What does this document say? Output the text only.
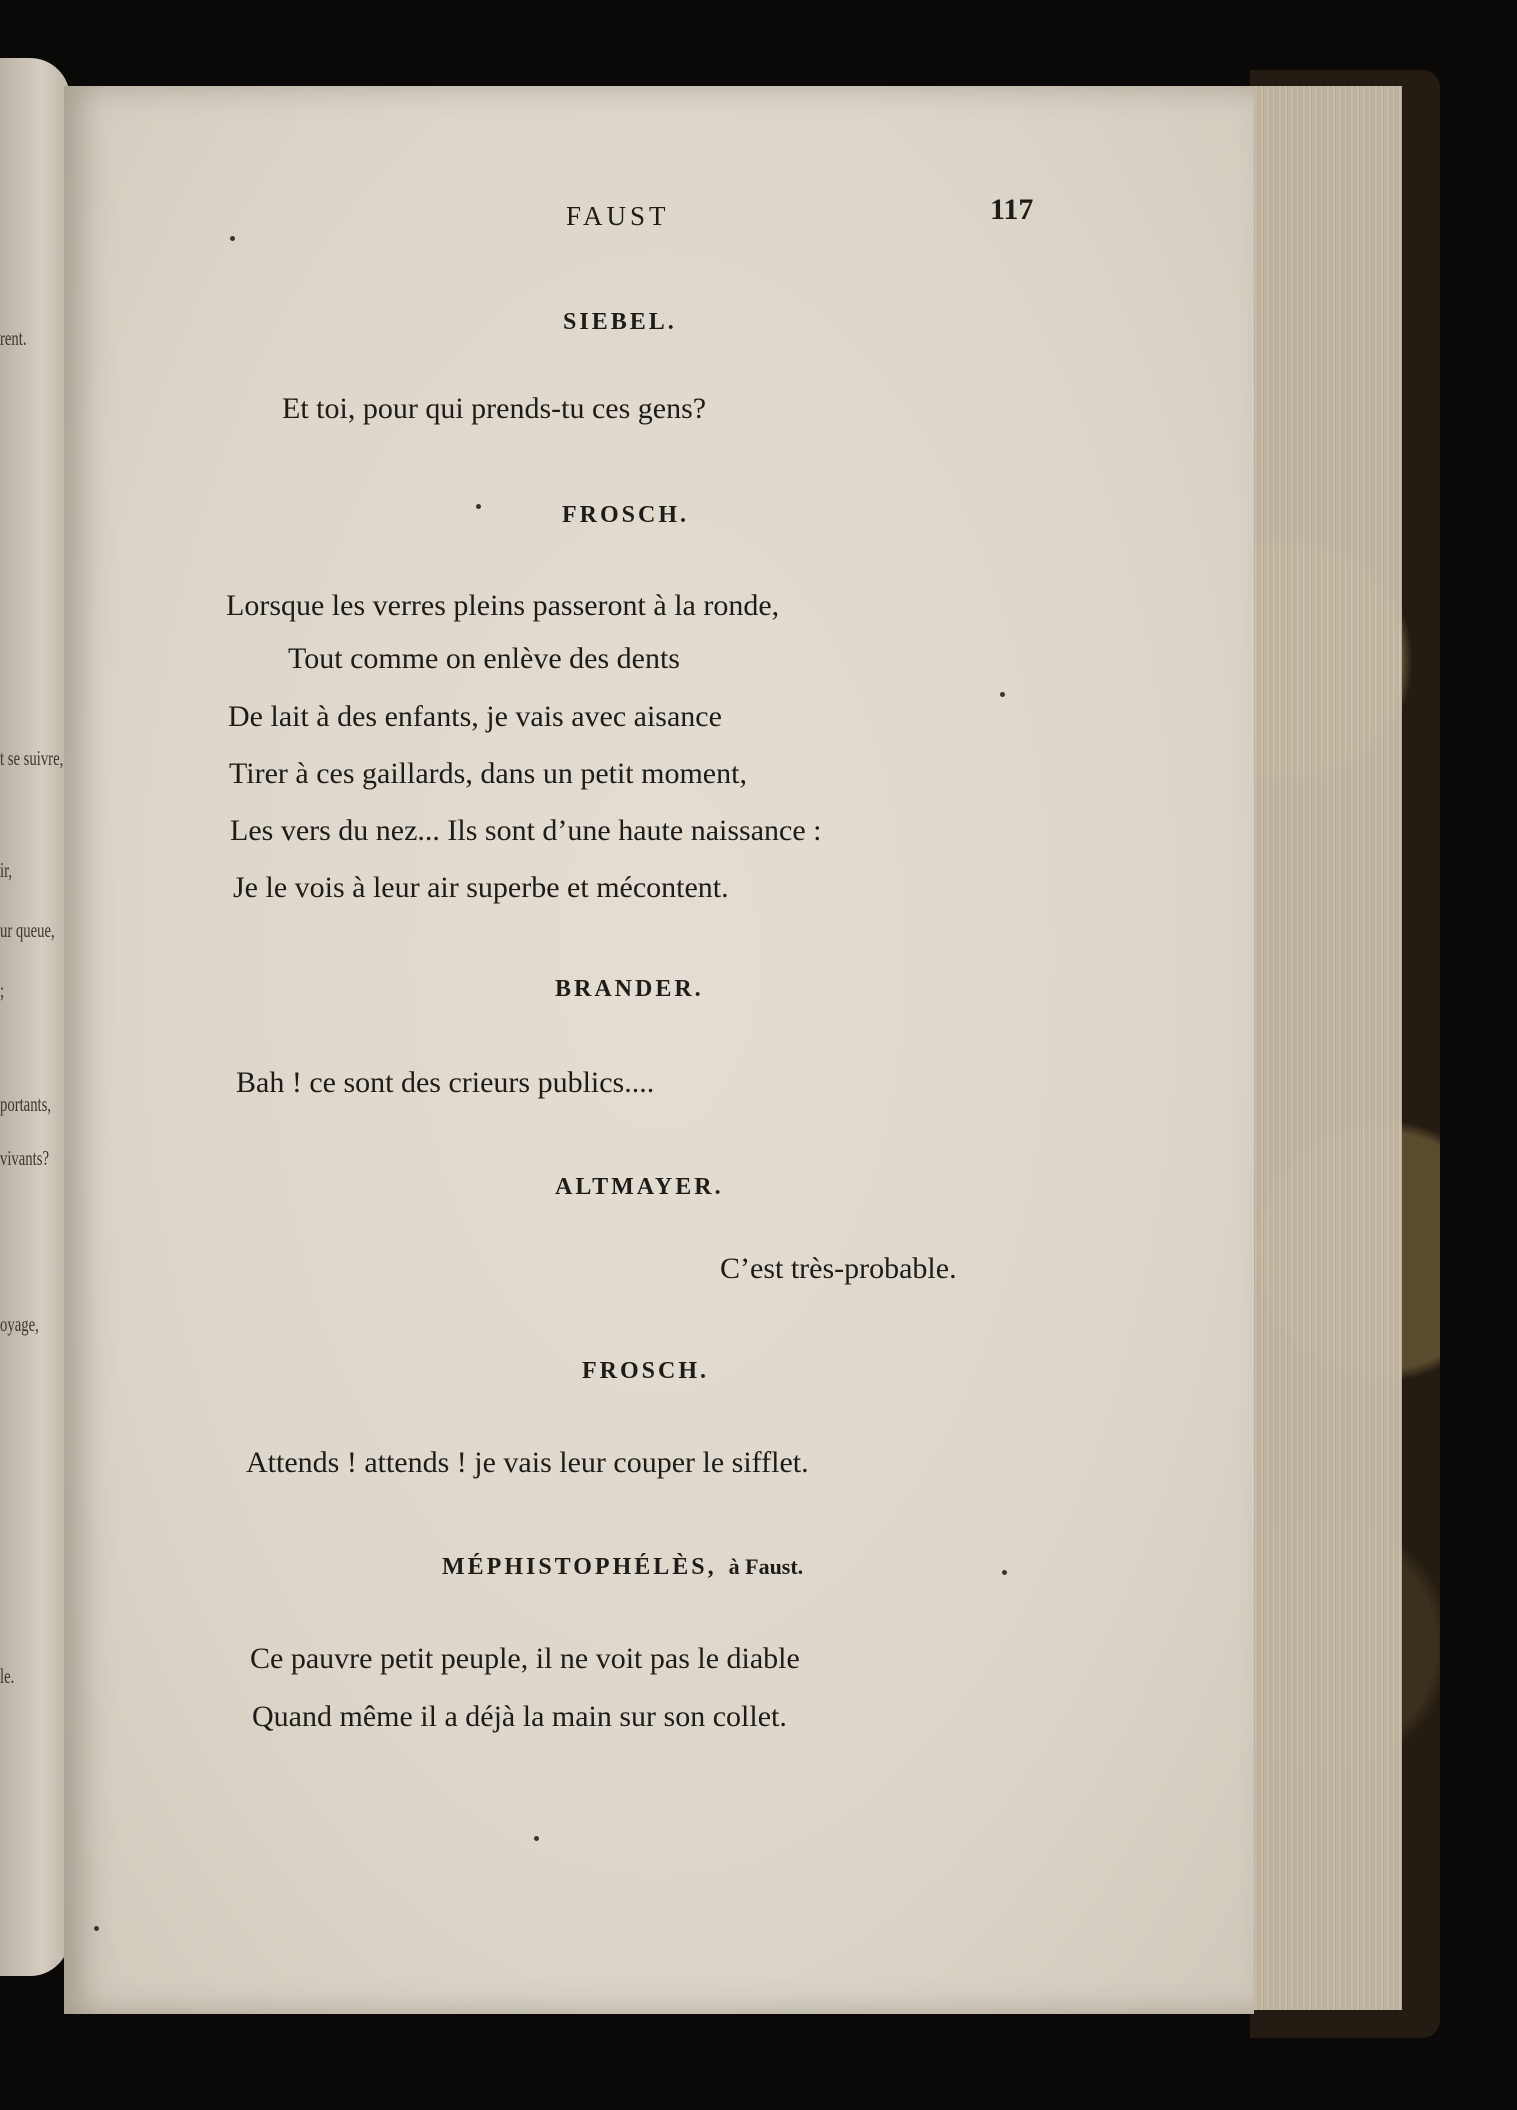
rent.
t se suivre,
ir,
ur queue,
;
portants,
vivants?
oyage,
le.
FAUST	117
SIEBEL.
Et toi, pour qui prends-tu ces gens?
FROSCH.
Lorsque les verres pleins passeront à la ronde,
Tout comme on enlève des dents
De lait à des enfants, je vais avec aisance
Tirer à ces gaillards, dans un petit moment,
Les vers du nez... Ils sont d’une haute naissance :
Je le vois à leur air superbe et mécontent.
BRANDER.
Bah ! ce sont des crieurs publics....
ALTMAYER.
C’est très-probable.
FROSCH.
Attends ! attends ! je vais leur couper le sifflet.
MÉPHISTOPHÉLÈS, à Faust.
Ce pauvre petit peuple, il ne voit pas le diable
Quand même il a déjà la main sur son collet.
